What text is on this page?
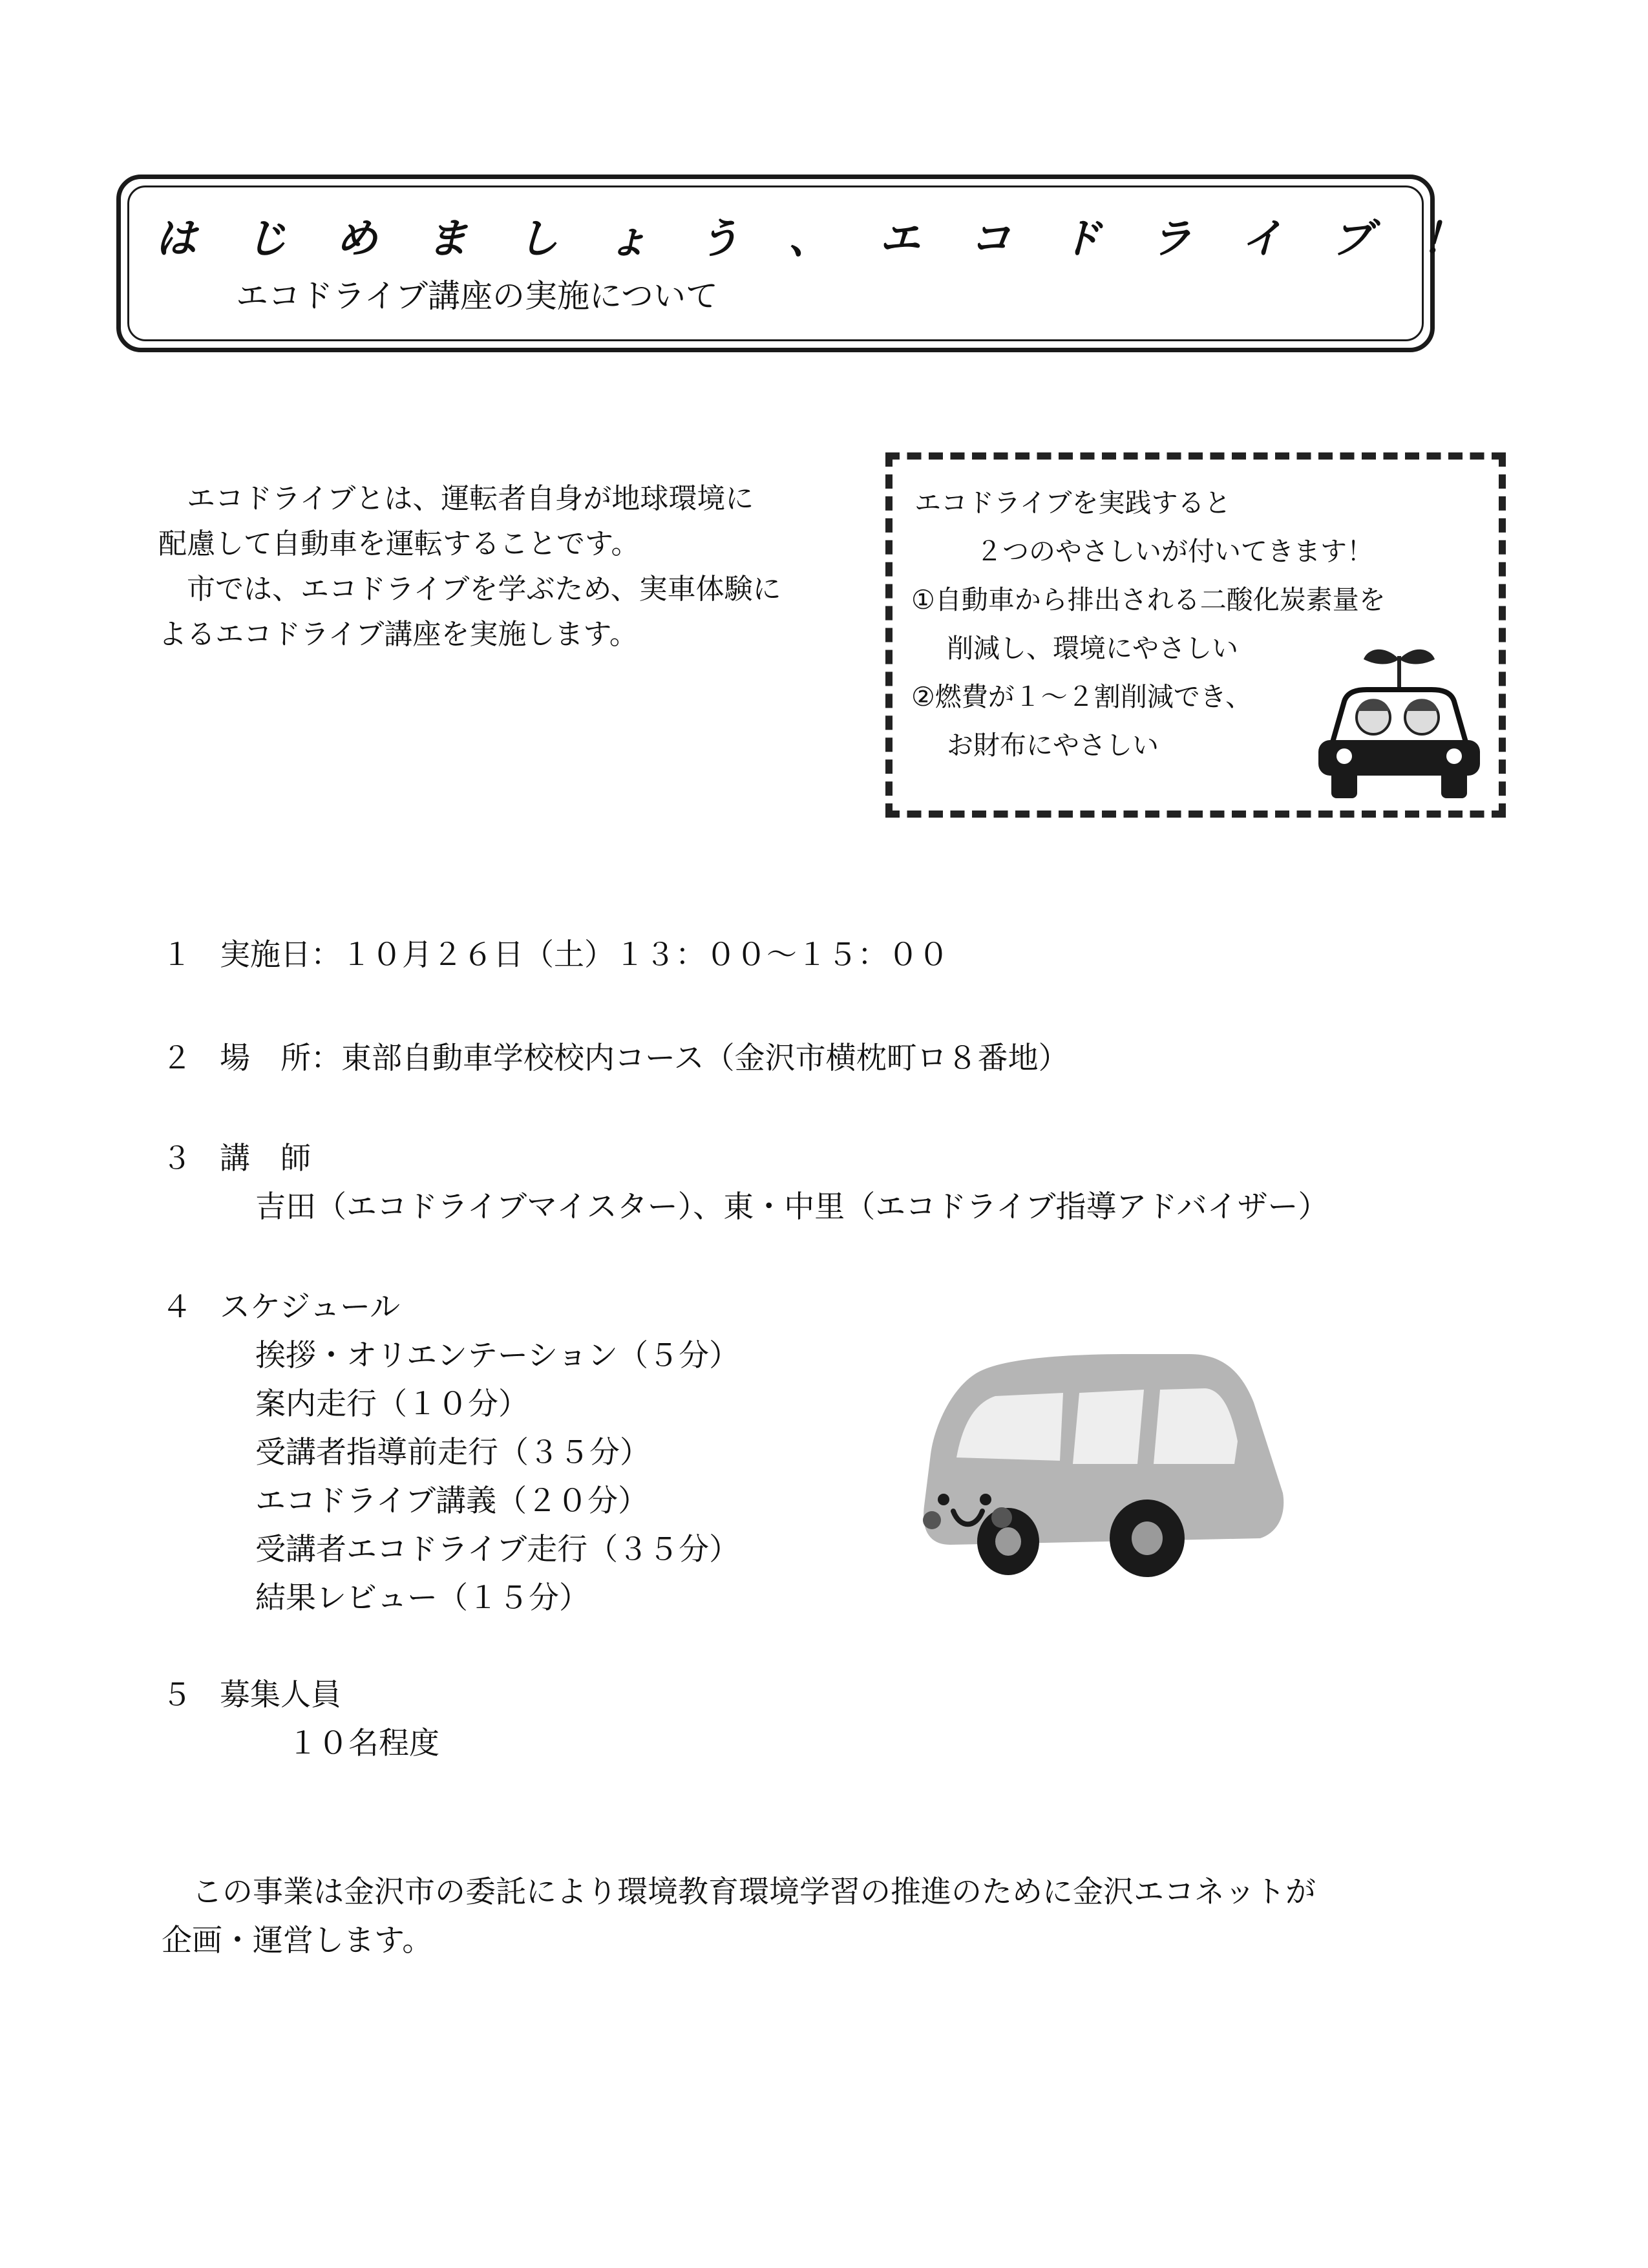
は じ め ま し ょ う 、 エ コ ド ラ イ ブ ！
エコドライブ講座の実施について
　エコドライブとは、運転者自身が地球環境に
配慮して自動車を運転することです。
　市では、エコドライブを学ぶため、実車体験に
よるエコドライブ講座を実施します。
エコドライブを実践すると
２つのやさしいが付いてきます！
①自動車から排出される二酸化炭素量を
削減し、環境にやさしい
②燃費が１～２割削減でき、
お財布にやさしい
１ 実施日：１０月２６日（土）１３：００～１５：００
２ 場　所：東部自動車学校校内コース（金沢市横枕町ロ８番地）
３ 講　師
吉田（エコドライブマイスター）、東・中里（エコドライブ指導アドバイザー）
４ スケジュール
挨拶・オリエンテーション（５分）
案内走行（１０分）
受講者指導前走行（３５分）
エコドライブ講義（２０分）
受講者エコドライブ走行（３５分）
結果レビュー（１５分）
５ 募集人員
１０名程度
　この事業は金沢市の委託により環境教育環境学習の推進のために金沢エコネットが
企画・運営します。
